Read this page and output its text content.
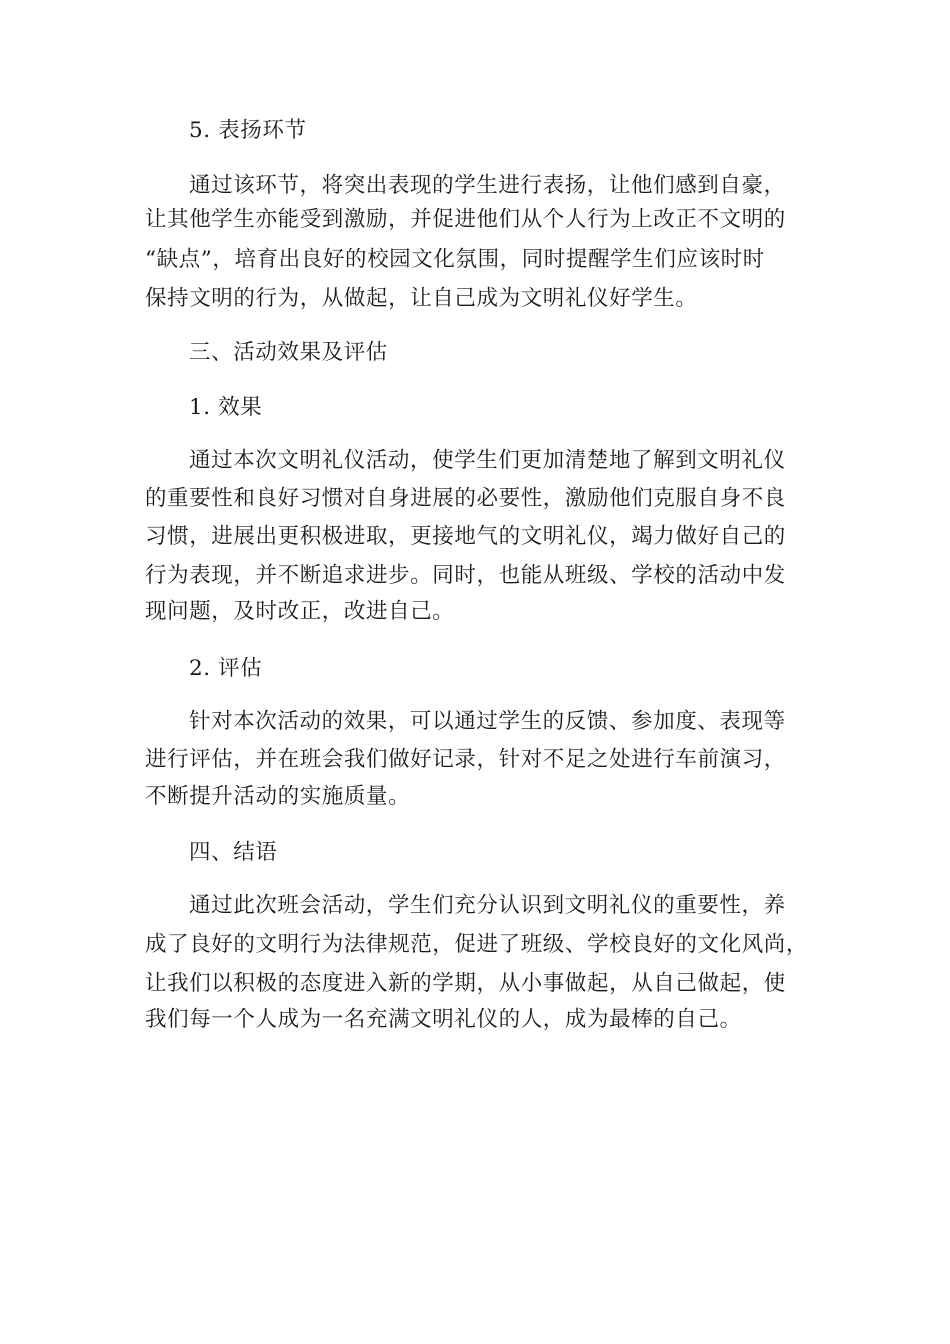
5. 表扬环节
通过该环节，将突出表现的学生进行表扬，让他们感到自豪，
让其他学生亦能受到激励，并促进他们从个人行为上改正不文明的
“缺点”，培育出良好的校园文化氛围，同时提醒学生们应该时时
保持文明的行为，从做起，让自己成为文明礼仪好学生。
三、活动效果及评估
1. 效果
通过本次文明礼仪活动，使学生们更加清楚地了解到文明礼仪
的重要性和良好习惯对自身进展的必要性，激励他们克服自身不良
习惯，进展出更积极进取，更接地气的文明礼仪，竭力做好自己的
行为表现，并不断追求进步。同时，也能从班级、学校的活动中发
现问题，及时改正，改进自己。
2. 评估
针对本次活动的效果，可以通过学生的反馈、参加度、表现等
进行评估，并在班会我们做好记录，针对不足之处进行车前演习，
不断提升活动的实施质量。
四、结语
通过此次班会活动，学生们充分认识到文明礼仪的重要性，养
成了良好的文明行为法律规范，促进了班级、学校良好的文化风尚，
让我们以积极的态度进入新的学期，从小事做起，从自己做起，使
我们每一个人成为一名充满文明礼仪的人，成为最棒的自己。
